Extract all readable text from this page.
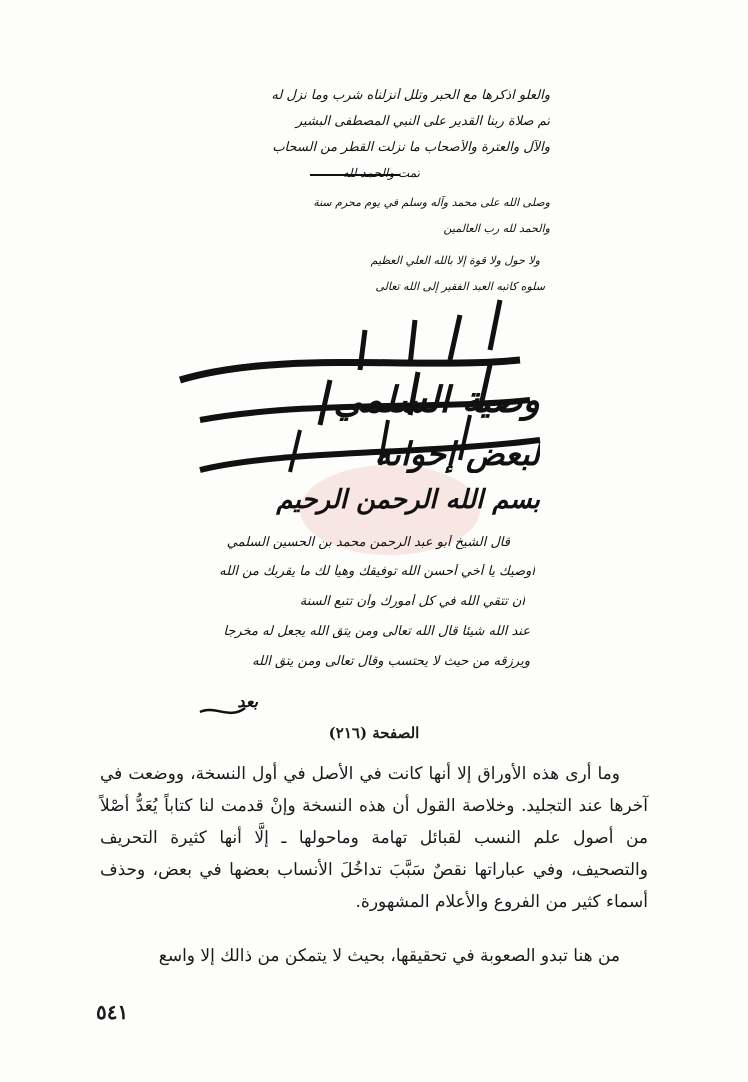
والعلو اذكرها مع الحبر وتلل أنزلناه شرب وما نزل له
ثم صلاة ربنا القدير على النبي المصطفى البشير
والآل والعترة والأصحاب ما نزلت القطر من السحاب
تمت والحمد لله
وصلى الله على محمد وآله وسلم في يوم محرم سنة
والحمد لله رب العالمين
ولا حول ولا قوة إلا بالله العلي العظيم
سلوه كاتبه العبد الفقير إلى الله تعالى
وصية السلمي
لبعض إخوانه
بسم الله الرحمن الرحيم
قال الشيخ أبو عبد الرحمن محمد بن الحسين السلمي
أوصيك يا أخي أحسن الله توفيقك وهيأ لك ما يقربك من الله
أن تتقي الله في كل أمورك وأن تتبع السنة
عند الله شيئا قال الله تعالى ومن يتق الله يجعل له مخرجا
ويرزقه من حيث لا يحتسب وقال تعالى ومن يتق الله
بعد
الصفحة (٢١٦)

وما أرى هذه الأوراق إلا أنها كانت في الأصل في أول النسخة، ووضعت في آخرها عند التجليد. وخلاصة القول أن هذه النسخة وإنْ قدمت لنا كتاباً يُعَدُّ أصْلاً من أصول علم النسب لقبائل تهامة وماحولها ـ إلَّا أنها كثيرة التحريف والتصحيف، وفي عباراتها نقصٌ سَبَّبَ تداخُلَ الأنساب بعضها في بعض، وحذف أسماء كثير من الفروع والأعلام المشهورة.

من هنا تبدو الصعوبة في تحقيقها، بحيث لا يتمكن من ذالك إلا واسع

٥٤١
